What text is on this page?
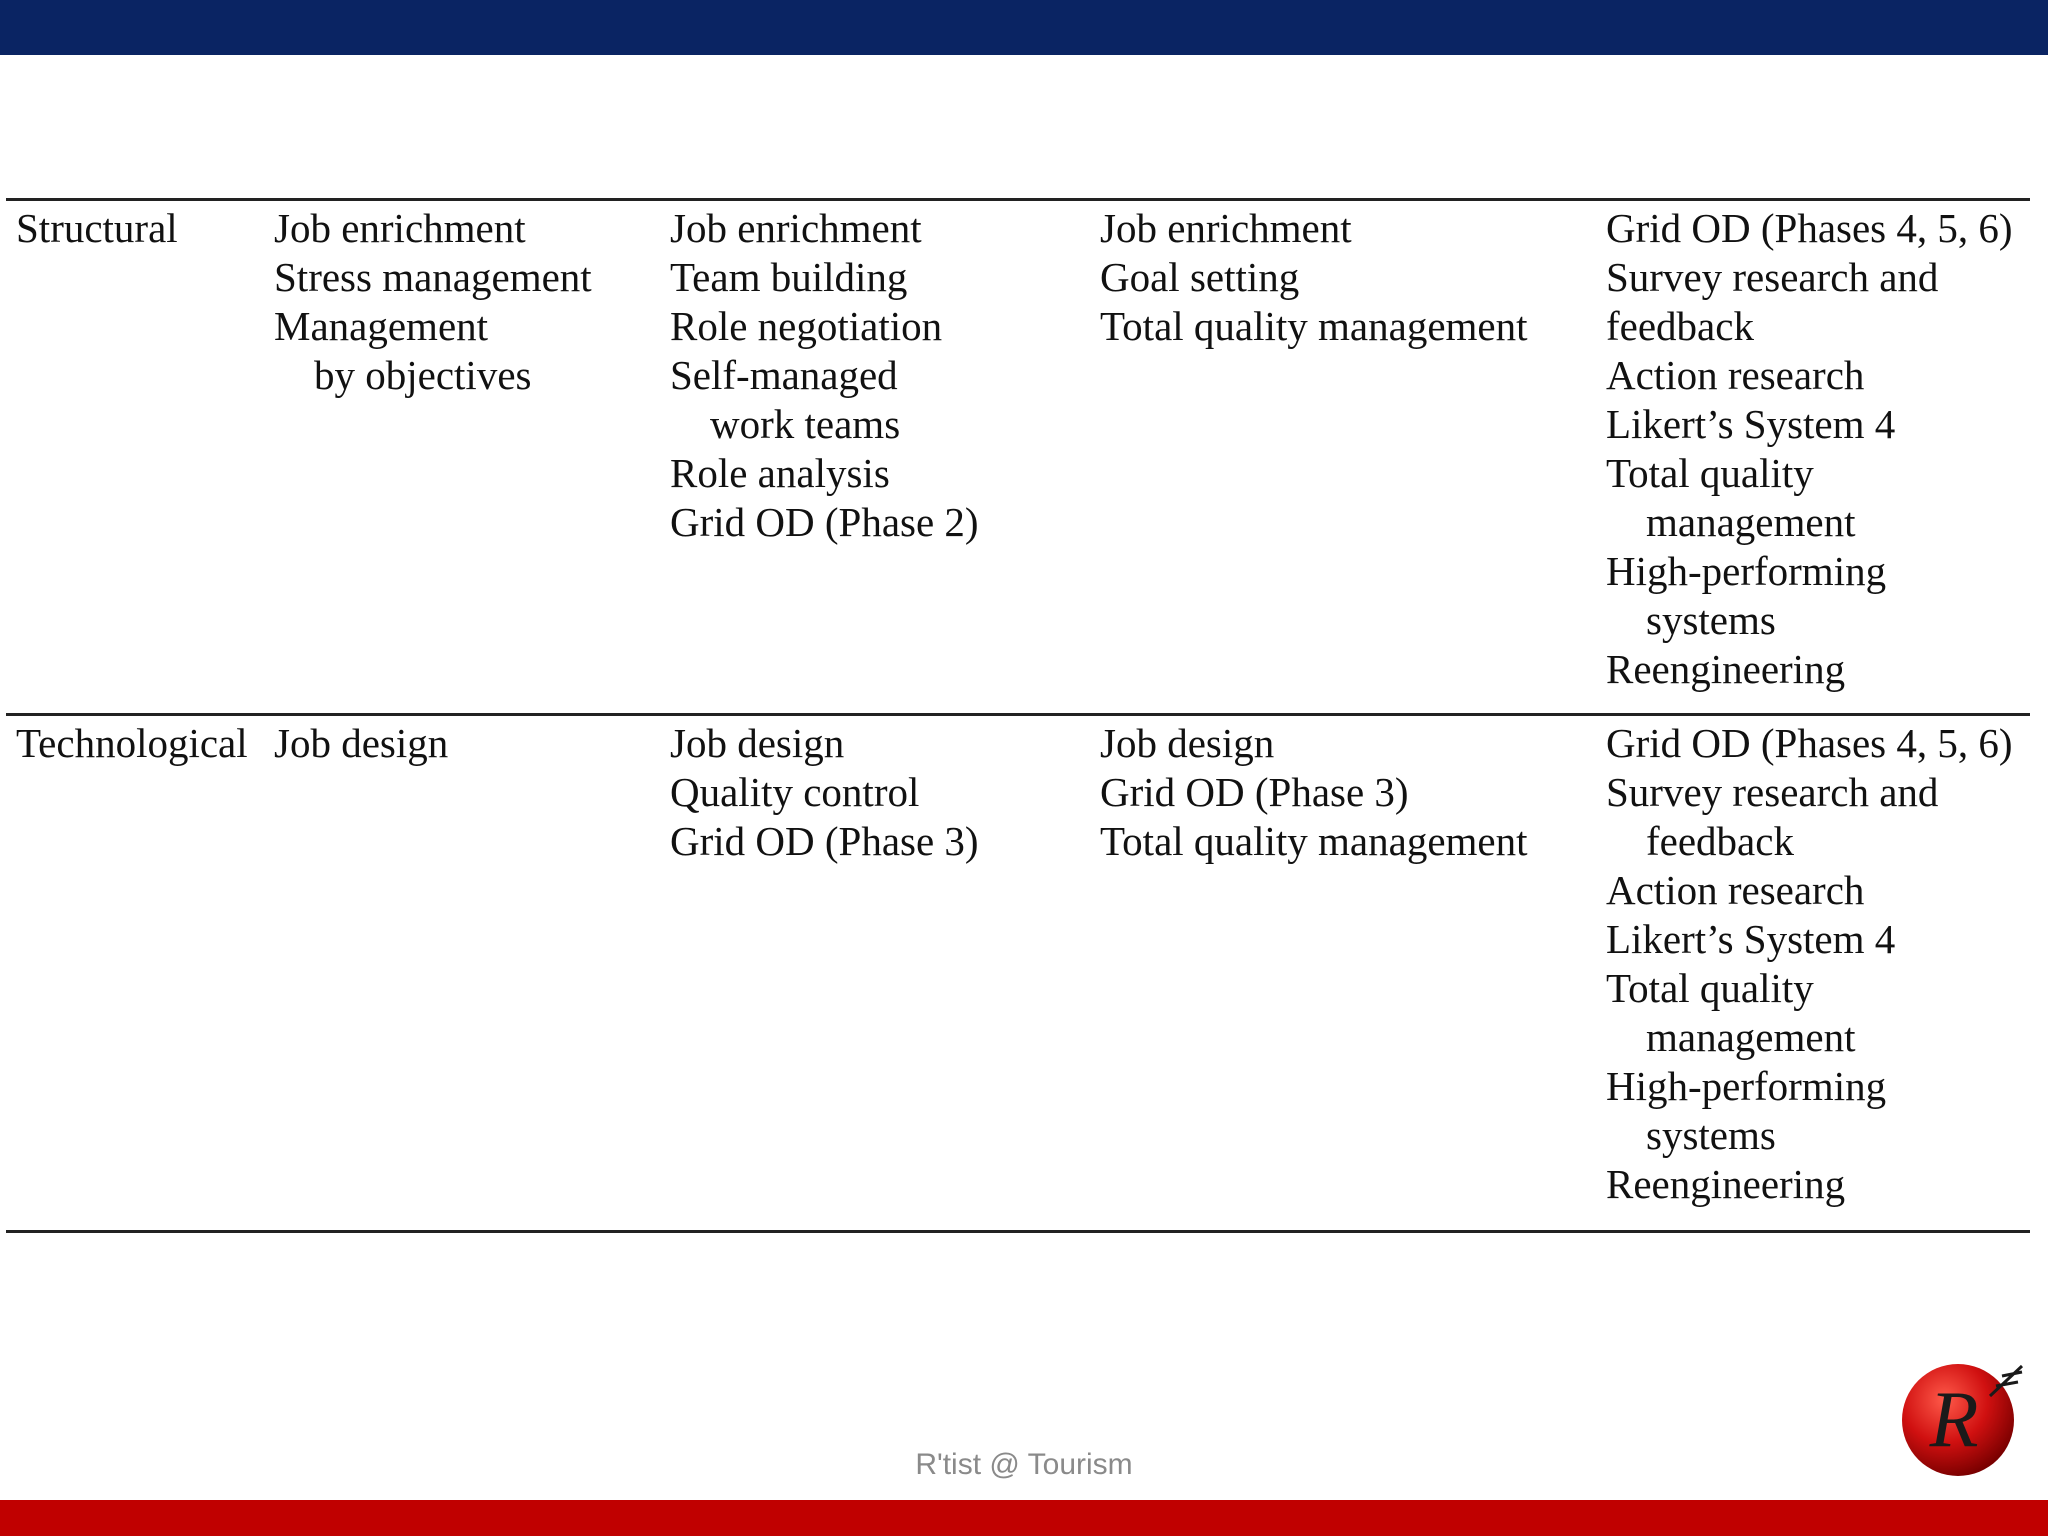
Structural Job enrichment
Stress management
Management
by objectives
Job enrichment
Team building
Role negotiation
Self-managed
work teams
Role analysis
Grid OD (Phase 2)
Job enrichment
Goal setting
Total quality management
Grid OD (Phases 4, 5, 6)
Survey research and
feedback
Action research
Likert’s System 4
Total quality
management
High-performing
systems
Reengineering
Technological Job design	Job design
Quality control
Grid OD (Phase 3)
Job design
Grid OD (Phase 3)
Total quality management
Grid OD (Phases 4, 5, 6)
Survey research and
feedback
Action research
Likert’s System 4
Total quality
management
High-performing
systems
Reengineering
R'tist @ Tourism
R
